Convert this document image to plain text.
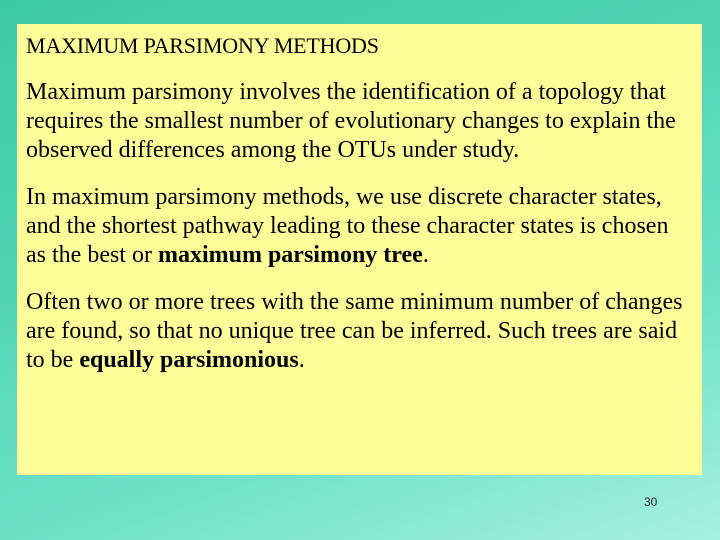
MAXIMUM PARSIMONY METHODS

Maximum parsimony involves the identification of a topology that requires the smallest number of evolutionary changes to explain the observed differences among the OTUs under study.

In maximum parsimony methods, we use discrete character states, and the shortest pathway leading to these character states is chosen as the best or maximum parsimony tree.

Often two or more trees with the same minimum number of changes are found, so that no unique tree can be inferred. Such trees are said to be equally parsimonious.

30
